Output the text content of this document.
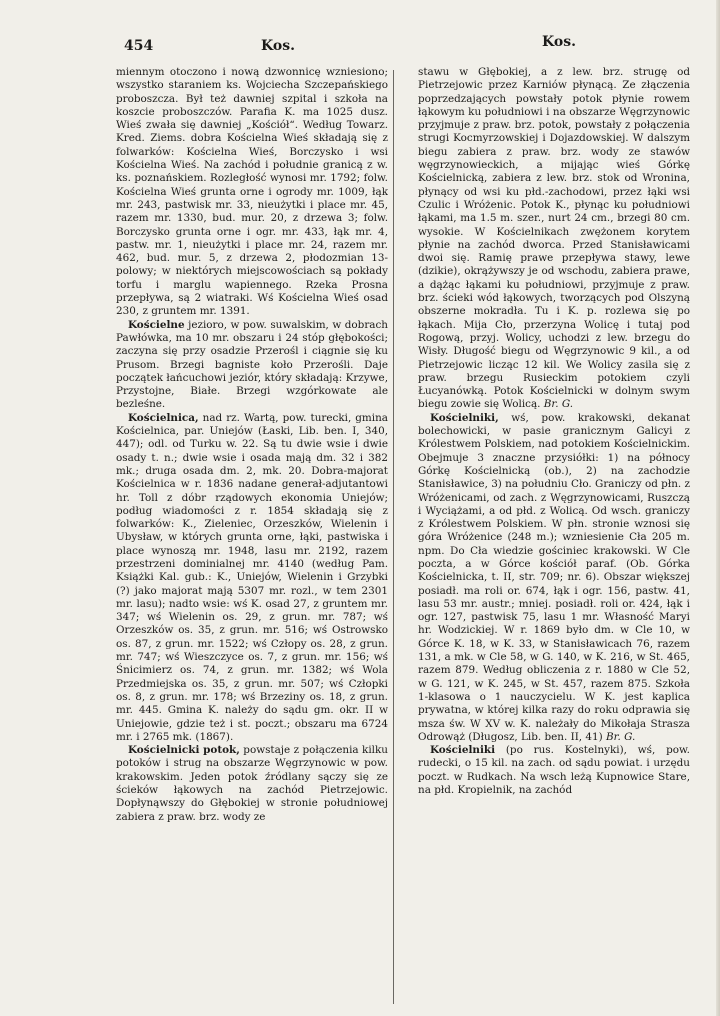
454	Kos.	Kos.

miennym otoczono i nową dzwonnicę wzniesiono; wszystko staraniem ks. Wojciecha Szczepańskiego proboszcza. Był też dawniej szpital i szkoła na koszcie proboszczów. Parafia K. ma 1025 dusz. Wieś zwała się dawniej „Kościół“. Według Towarz. Kred. Ziems. dobra Kościelna Wieś składają się z folwarków: Kościelna Wieś, Borczysko i wsi Kościelna Wieś. Na zachód i południe granicą z w. ks. poznańskiem. Rozległość wynosi mr. 1792; folw. Kościelna Wieś grunta orne i ogrody mr. 1009, łąk mr. 243, pastwisk mr. 33, nieużytki i place mr. 45, razem mr. 1330, bud. mur. 20, z drzewa 3; folw. Borczysko grunta orne i ogr. mr. 433, łąk mr. 4, pastw. mr. 1, nieużytki i place mr. 24, razem mr. 462, bud. mur. 5, z drzewa 2, płodozmian 13-polowy; w niektórych miejscowościach są pokłady torfu i marglu wapiennego. Rzeka Prosna przepływa, są 2 wiatraki. Wś Kościelna Wieś osad 230, z gruntem mr. 1391.

Kościelne jezioro, w pow. suwalskim, w dobrach Pawłówka, ma 10 mr. obszaru i 24 stóp głębokości; zaczyna się przy osadzie Przerośl i ciągnie się ku Prusom. Brzegi bagniste koło Przerośli. Daje początek łańcuchowi jeziór, który składają: Krzywe, Przystojne, Białe. Brzegi wzgórkowate ale bezleśne.

Kościelnica, nad rz. Wartą, pow. turecki, gmina Kościelnica, par. Uniejów (Łaski, Lib. ben. I, 340, 447); odl. od Turku w. 22. Są tu dwie wsie i dwie osady t. n.; dwie wsie i osada mają dm. 32 i 382 mk.; druga osada dm. 2, mk. 20. Dobra-majorat Kościelnica w r. 1836 nadane generał-adjutantowi hr. Toll z dóbr rządowych ekonomia Uniejów; podług wiadomości z r. 1854 składają się z folwarków: K., Zieleniec, Orzeszków, Wielenin i Ubysław, w których grunta orne, łąki, pastwiska i place wynoszą mr. 1948, lasu mr. 2192, razem przestrzeni dominialnej mr. 4140 (według Pam. Książki Kal. gub.: K., Uniejów, Wielenin i Grzybki (?) jako majorat mają 5307 mr. rozl., w tem 2301 mr. lasu); nadto wsie: wś K. osad 27, z gruntem mr. 347; wś Wielenin os. 29, z grun. mr. 787; wś Orzeszków os. 35, z grun. mr. 516; wś Ostrowsko os. 87, z grun. mr. 1522; wś Człopy os. 28, z grun. mr. 747; wś Wieszczyce os. 7, z grun. mr. 156; wś Śnicimierz os. 74, z grun. mr. 1382; wś Wola Przedmiejska os. 35, z grun. mr. 507; wś Człopki os. 8, z grun. mr. 178; wś Brzeziny os. 18, z grun. mr. 445. Gmina K. należy do sądu gm. okr. II w Uniejowie, gdzie też i st. poczt.; obszaru ma 6724 mr. i 2765 mk. (1867).

Kościelnicki potok, powstaje z połączenia kilku potoków i strug na obszarze Węgrzynowic w pow. krakowskim. Jeden potok źródlany sączy się ze ścieków łąkowych na zachód Pietrzejowic. Dopłynąwszy do Głębokiej w stronie południowej zabiera z praw. brz. wody ze

stawu w Głębokiej, a z lew. brz. strugę od Pietrzejowic przez Karniów płynącą. Ze złączenia poprzedzających powstały potok płynie rowem łąkowym ku południowi i na obszarze Węgrzynowic przyjmuje z praw. brz. potok, powstały z połączenia strugi Kocmyrzowskiej i Dojazdowskiej. W dalszym biegu zabiera z praw. brz. wody ze stawów węgrzynowieckich, a mijając wieś Górkę Kościelnicką, zabiera z lew. brz. stok od Wronina, płynący od wsi ku płd.-zachodowi, przez łąki wsi Czulic i Wróżenic. Potok K., płynąc ku południowi łąkami, ma 1.5 m. szer., nurt 24 cm., brzegi 80 cm. wysokie. W Kościelnikach zwężonem korytem płynie na zachód dworca. Przed Stanisławicami dwoi się. Ramię prawe przepływa stawy, lewe (dzikie), okrążywszy je od wschodu, zabiera prawe, a dążąc łąkami ku południowi, przyjmuje z praw. brz. ścieki wód łąkowych, tworzących pod Olszyną obszerne mokradła. Tu i K. p. rozlewa się po łąkach. Mija Cło, przerzyna Wolicę i tutaj pod Rogową, przyj. Wolicy, uchodzi z lew. brzegu do Wisły. Długość biegu od Węgrzynowic 9 kil., a od Pietrzejowic licząc 12 kil. We Wolicy zasila się z praw. brzegu Rusieckim potokiem czyli Łucyanówką. Potok Kościelnicki w dolnym swym biegu zowie się Wolicą. Br. G.

Kościelniki, wś, pow. krakowski, dekanat bolechowicki, w pasie granicznym Galicyi z Królestwem Polskiem, nad potokiem Kościelnickim. Obejmuje 3 znaczne przysiółki: 1) na północy Górkę Kościelnicką (ob.), 2) na zachodzie Stanisławice, 3) na południu Cło. Graniczy od płn. z Wróżenicami, od zach. z Węgrzynowicami, Ruszczą i Wyciążami, a od płd. z Wolicą. Od wsch. graniczy z Królestwem Polskiem. W płn. stronie wznosi się góra Wróżenice (248 m.); wzniesienie Cła 205 m. npm. Do Cła wiedzie gościniec krakowski. W Cle poczta, a w Górce kościół paraf. (Ob. Górka Kościelnicka, t. II, str. 709; nr. 6). Obszar większej posiadł. ma roli or. 674, łąk i ogr. 156, pastw. 41, lasu 53 mr. austr.; mniej. posiadł. roli or. 424, łąk i ogr. 127, pastwisk 75, lasu 1 mr. Własność Maryi hr. Wodzickiej. W r. 1869 było dm. w Cle 10, w Górce K. 18, w K. 33, w Stanisławicach 76, razem 131, a mk. w Cle 58, w G. 140, w K. 216, w St. 465, razem 879. Według obliczenia z r. 1880 w Cle 52, w G. 121, w K. 245, w St. 457, razem 875. Szkoła 1-klasowa o 1 nauczycielu. W K. jest kaplica prywatna, w której kilka razy do roku odprawia się msza św. W XV w. K. należały do Mikołaja Strasza Odrowąż (Długosz, Lib. ben. II, 41) Br. G.

Kościelniki (po rus. Kostelnyki), wś, pow. rudecki, o 15 kil. na zach. od sądu powiat. i urzędu poczt. w Rudkach. Na wsch leżą Kupnowice Stare, na płd. Kropielnik, na zachód
